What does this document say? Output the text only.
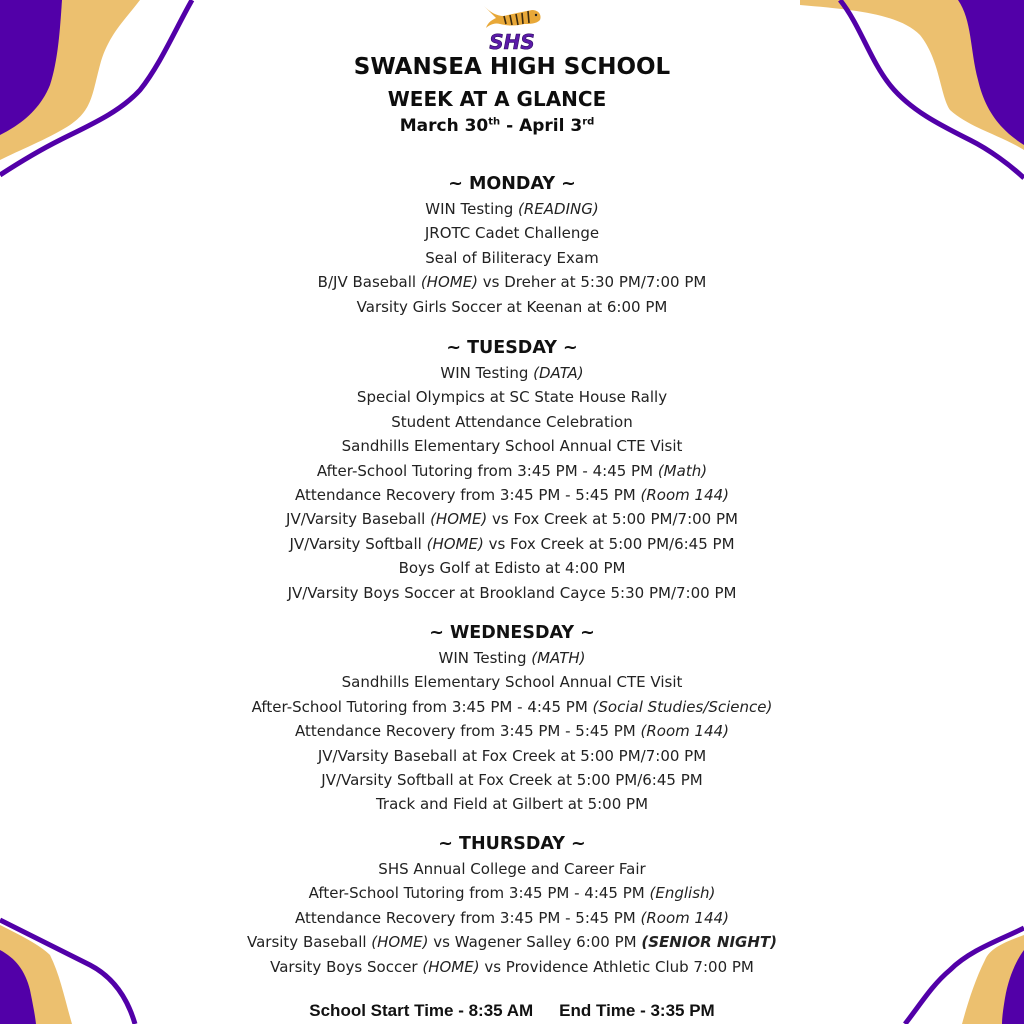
SHS
SWANSEA HIGH SCHOOL
WEEK AT A GLANCE
March 30th - April 3rd
~ MONDAY ~
WIN Testing (READING)
JROTC Cadet Challenge
Seal of Biliteracy Exam
B/JV Baseball (HOME) vs Dreher at 5:30 PM/7:00 PM
Varsity Girls Soccer at Keenan at 6:00 PM
~ TUESDAY ~
WIN Testing (DATA)
Special Olympics at SC State House Rally
Student Attendance Celebration
Sandhills Elementary School Annual CTE Visit
After-School Tutoring from 3:45 PM - 4:45 PM (Math)
Attendance Recovery from 3:45 PM - 5:45 PM (Room 144)
JV/Varsity Baseball (HOME) vs Fox Creek at 5:00 PM/7:00 PM
JV/Varsity Softball (HOME) vs Fox Creek at 5:00 PM/6:45 PM
Boys Golf at Edisto at 4:00 PM
JV/Varsity Boys Soccer at Brookland Cayce 5:30 PM/7:00 PM
~ WEDNESDAY ~
WIN Testing (MATH)
Sandhills Elementary School Annual CTE Visit
After-School Tutoring from 3:45 PM - 4:45 PM (Social Studies/Science)
Attendance Recovery from 3:45 PM - 5:45 PM (Room 144)
JV/Varsity Baseball at Fox Creek at 5:00 PM/7:00 PM
JV/Varsity Softball at Fox Creek at 5:00 PM/6:45 PM
Track and Field at Gilbert at 5:00 PM
~ THURSDAY ~
SHS Annual College and Career Fair
After-School Tutoring from 3:45 PM - 4:45 PM (English)
Attendance Recovery from 3:45 PM - 5:45 PM (Room 144)
Varsity Baseball (HOME) vs Wagener Salley 6:00 PM (SENIOR NIGHT)
Varsity Boys Soccer (HOME) vs Providence Athletic Club 7:00 PM
School Start Time - 8:35 AM End Time - 3:35 PM
